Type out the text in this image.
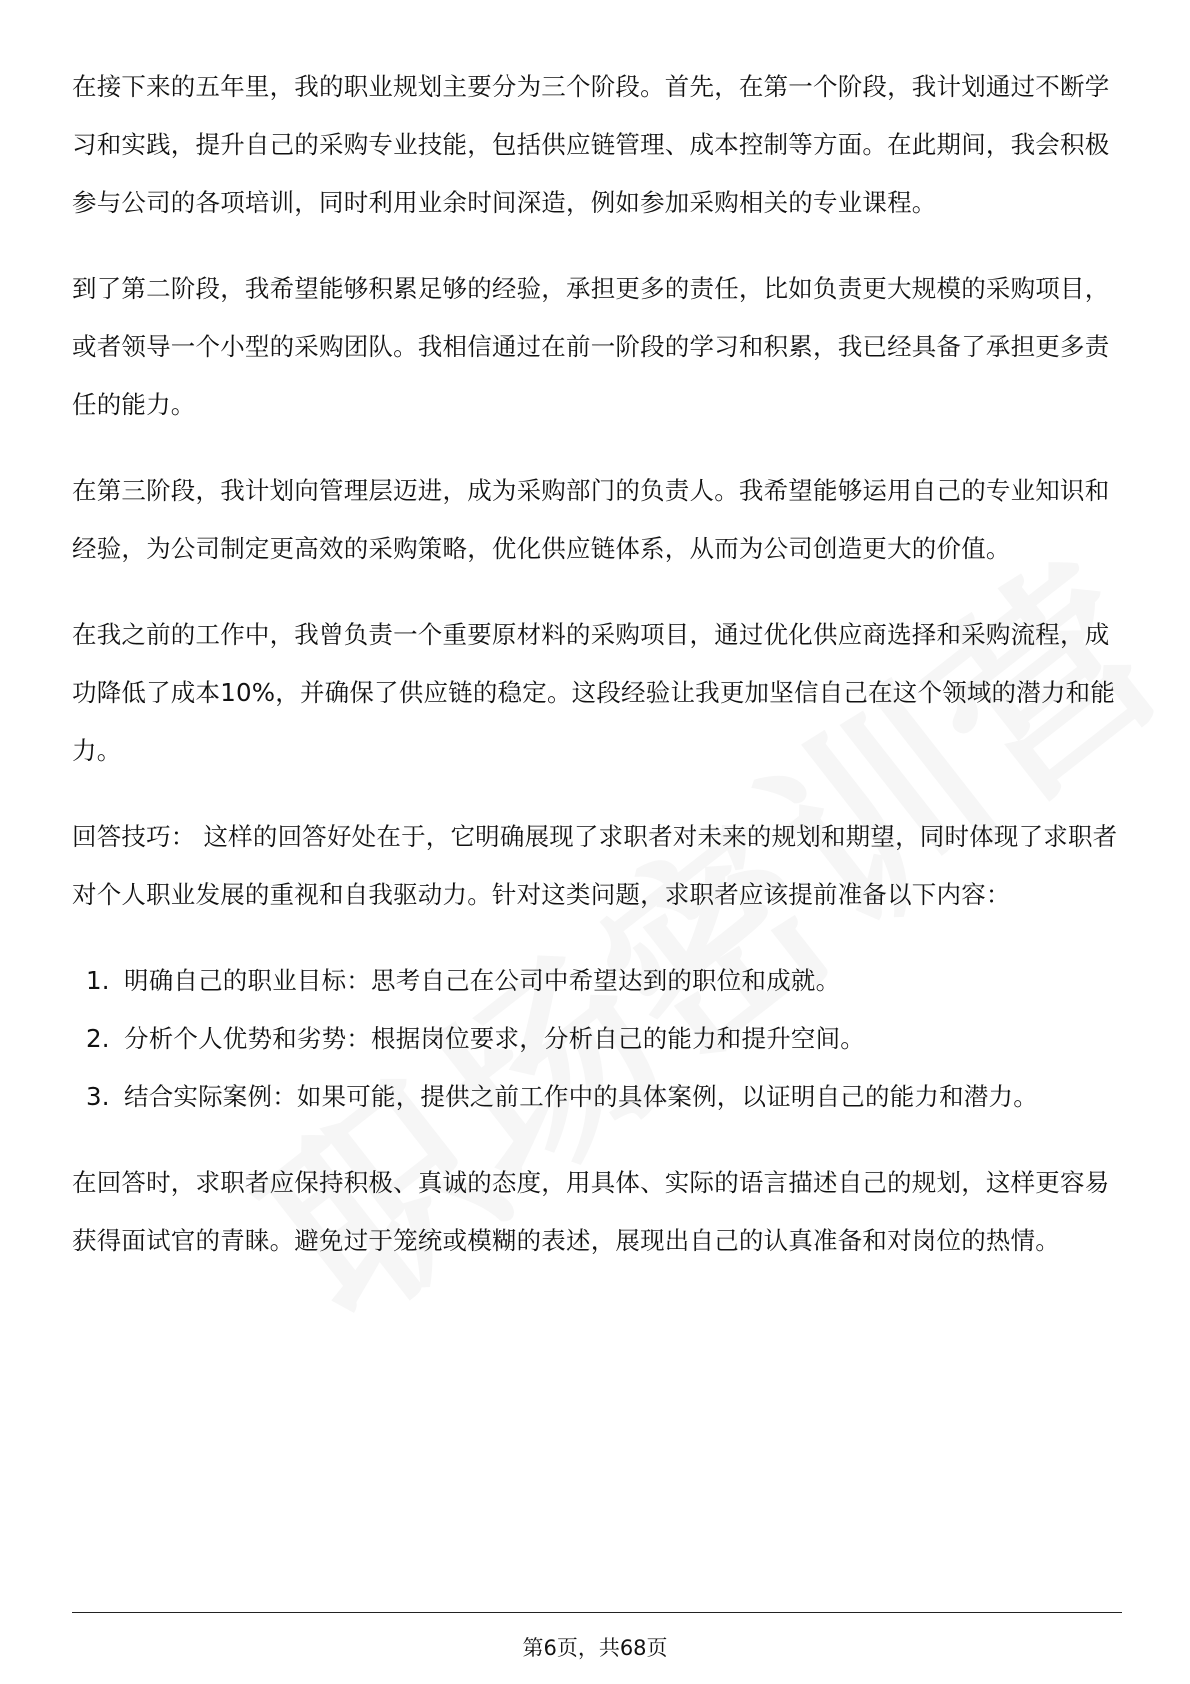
在接下来的五年里，我的职业规划主要分为三个阶段。首先，在第一个阶段，我计划通过不断学习和实践，提升自己的采购专业技能，包括供应链管理、成本控制等方面。在此期间，我会积极参与公司的各项培训，同时利用业余时间深造，例如参加采购相关的专业课程。

到了第二阶段，我希望能够积累足够的经验，承担更多的责任，比如负责更大规模的采购项目，或者领导一个小型的采购团队。我相信通过在前一阶段的学习和积累，我已经具备了承担更多责任的能力。

在第三阶段，我计划向管理层迈进，成为采购部门的负责人。我希望能够运用自己的专业知识和经验，为公司制定更高效的采购策略，优化供应链体系，从而为公司创造更大的价值。

在我之前的工作中，我曾负责一个重要原材料的采购项目，通过优化供应商选择和采购流程，成功降低了成本10%，并确保了供应链的稳定。这段经验让我更加坚信自己在这个领域的潜力和能力。

回答技巧： 这样的回答好处在于，它明确展现了求职者对未来的规划和期望，同时体现了求职者对个人职业发展的重视和自我驱动力。针对这类问题，求职者应该提前准备以下内容：

1. 明确自己的职业目标：思考自己在公司中希望达到的职位和成就。
2. 分析个人优势和劣势：根据岗位要求，分析自己的能力和提升空间。
3. 结合实际案例：如果可能，提供之前工作中的具体案例，以证明自己的能力和潜力。

在回答时，求职者应保持积极、真诚的态度，用具体、实际的语言描述自己的规划，这样更容易获得面试官的青睐。避免过于笼统或模糊的表述，展现出自己的认真准备和对岗位的热情。

第6页，共68页
